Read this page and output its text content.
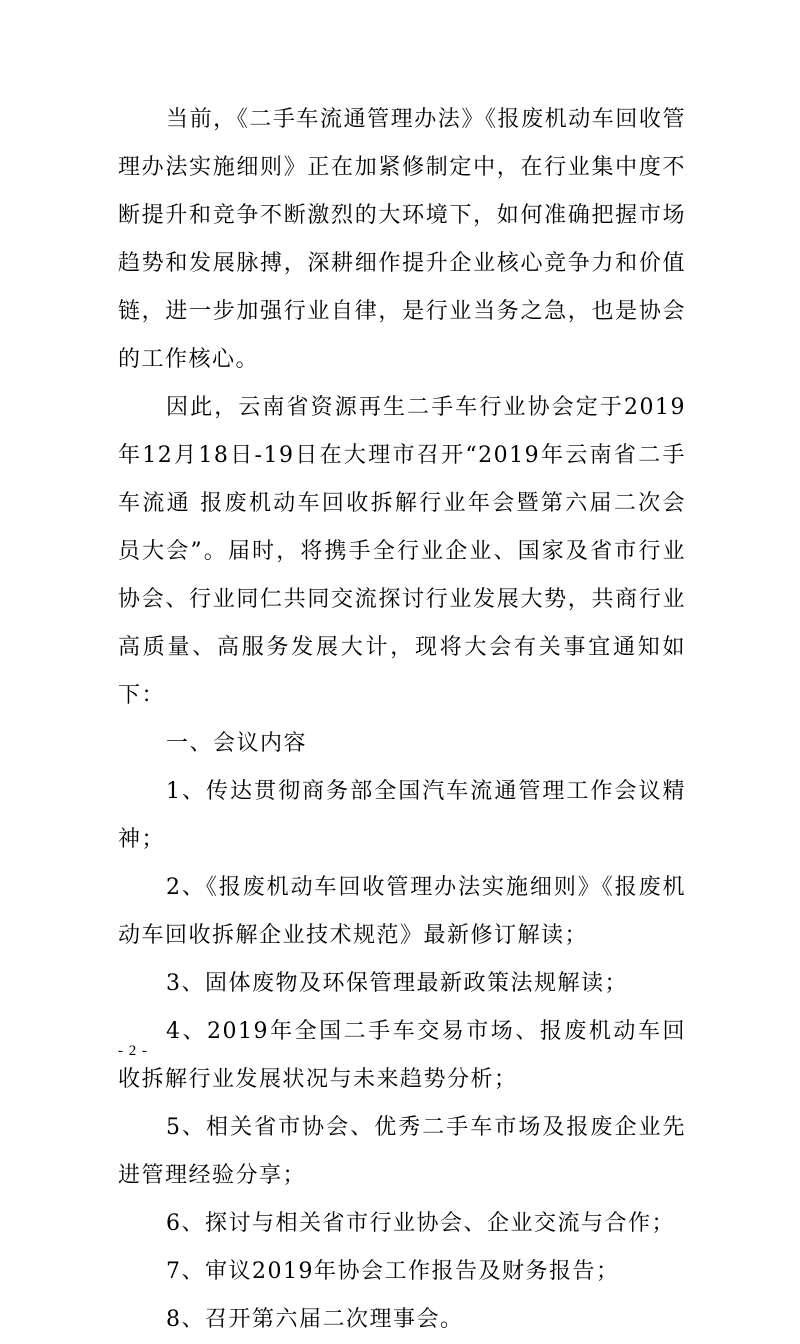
当前，《二手车流通管理办法》《报废机动车回收管理办法实施细则》正在加紧修制定中，在行业集中度不断提升和竞争不断激烈的大环境下，如何准确把握市场趋势和发展脉搏，深耕细作提升企业核心竞争力和价值链，进一步加强行业自律，是行业当务之急，也是协会的工作核心。

因此，云南省资源再生二手车行业协会定于2019年12月18日-19日在大理市召开“2019年云南省二手车流通 报废机动车回收拆解行业年会暨第六届二次会员大会”。届时，将携手全行业企业、国家及省市行业协会、行业同仁共同交流探讨行业发展大势，共商行业高质量、高服务发展大计，现将大会有关事宜通知如下：

一、会议内容

1、传达贯彻商务部全国汽车流通管理工作会议精神；

2、《报废机动车回收管理办法实施细则》《报废机动车回收拆解企业技术规范》最新修订解读；

3、固体废物及环保管理最新政策法规解读；

4、2019年全国二手车交易市场、报废机动车回收拆解行业发展状况与未来趋势分析；

5、相关省市协会、优秀二手车市场及报废企业先进管理经验分享；

6、探讨与相关省市行业协会、企业交流与合作；

7、审议2019年协会工作报告及财务报告；

8、召开第六届二次理事会。

- 2 -
